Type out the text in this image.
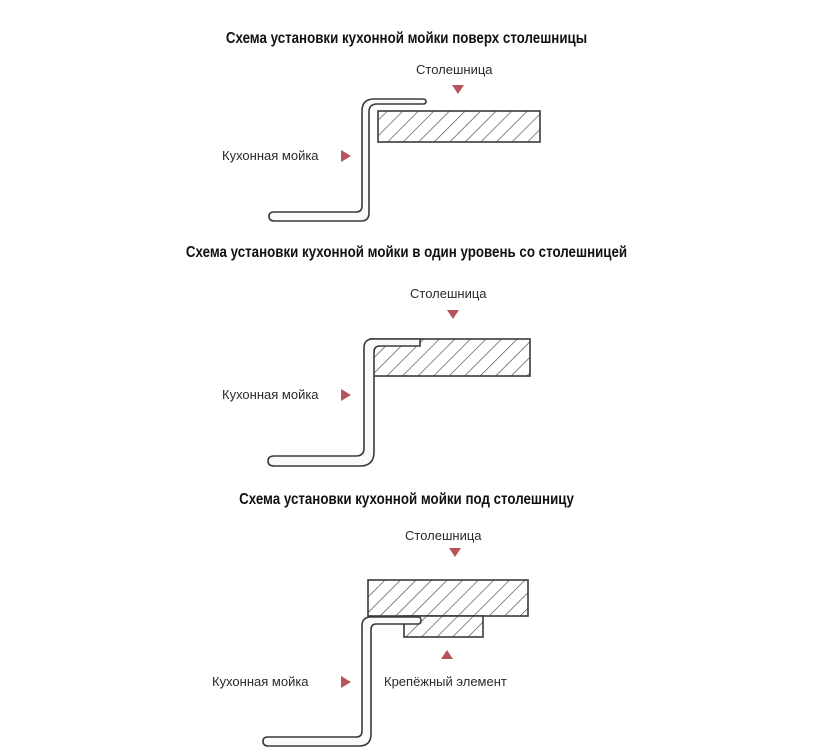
Схема установки кухонной мойки поверх столешницы
Схема установки кухонной мойки в один уровень со столешницей
Схема установки кухонной мойки под столешницу
Столешница
Кухонная мойка
Столешница
Кухонная мойка
Столешница
Кухонная мойка	Крепёжный элемент
